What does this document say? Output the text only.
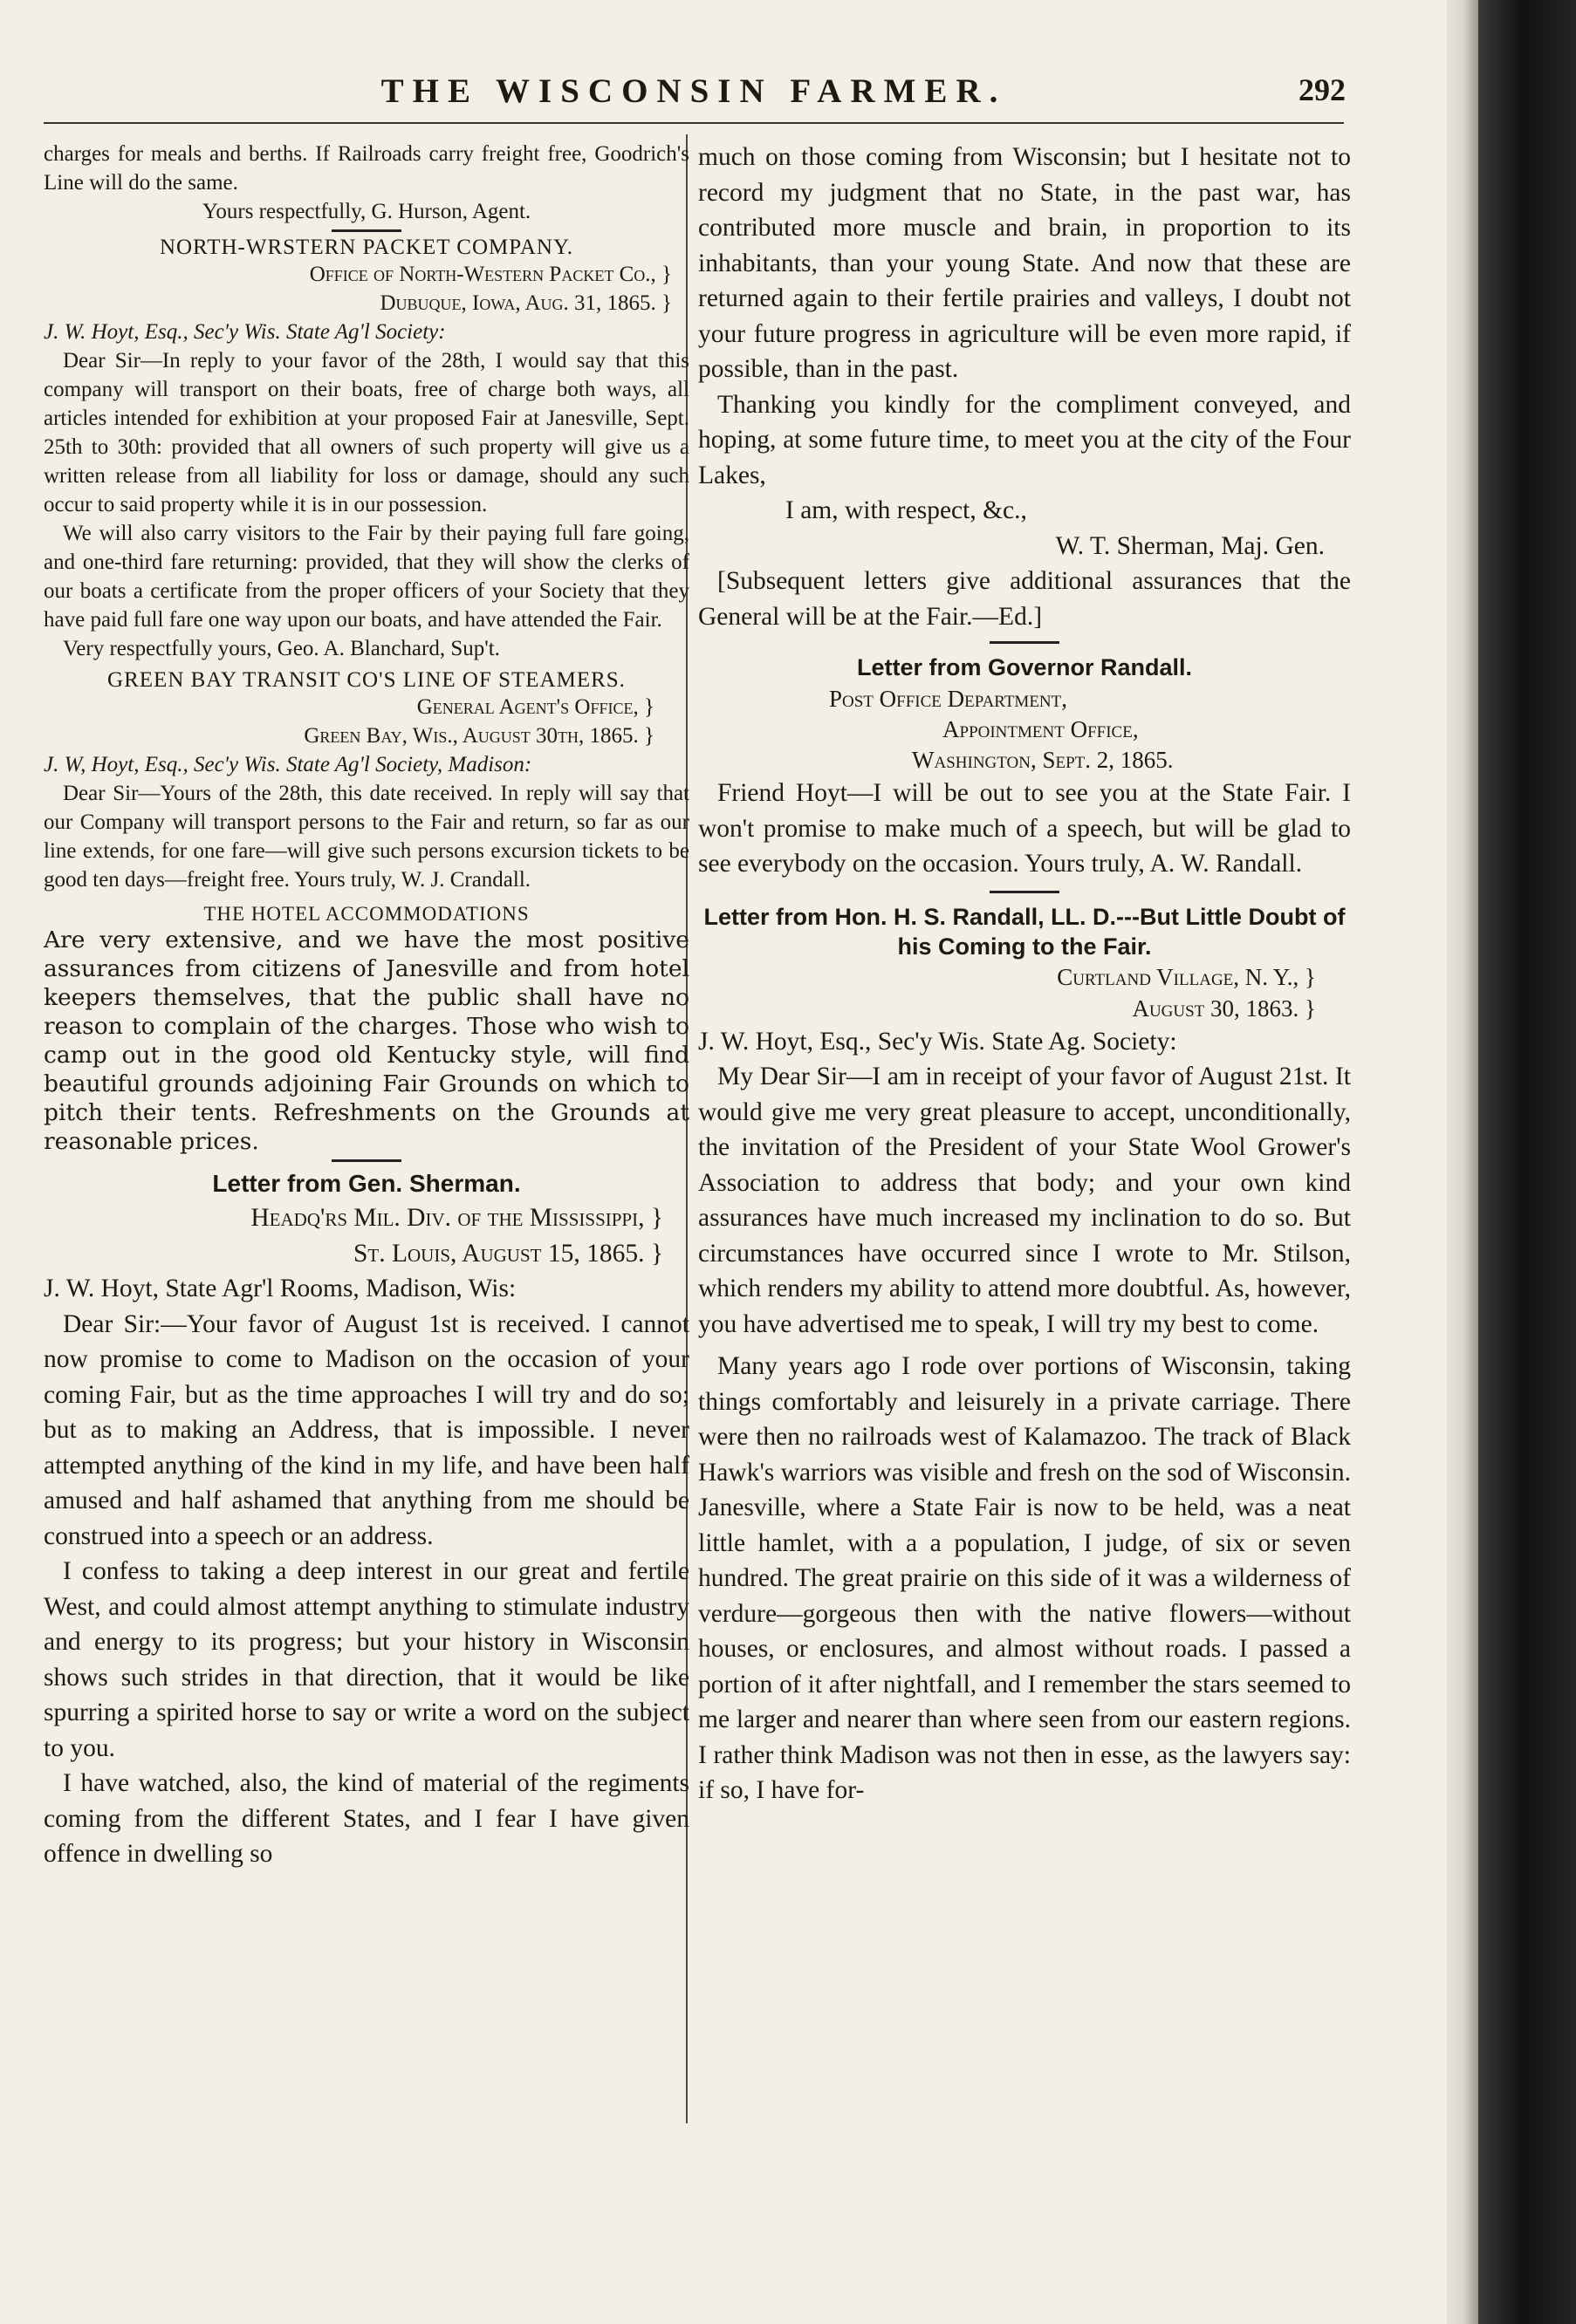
THE WISCONSIN FARMER.	292

charges for meals and berths. If Railroads carry freight free, Goodrich's Line will do the same.

Yours respectfully, G. Hurson, Agent.

NORTH-WRSTERN PACKET COMPANY.

Office of North-Western Packet Co., }

Dubuque, Iowa, Aug. 31, 1865. }

J. W. Hoyt, Esq., Sec'y Wis. State Ag'l Society:

Dear Sir—In reply to your favor of the 28th, I would say that this company will transport on their boats, free of charge both ways, all articles intended for exhibition at your proposed Fair at Janesville, Sept. 25th to 30th: provided that all owners of such property will give us a written release from all liability for loss or damage, should any such occur to said property while it is in our possession.

We will also carry visitors to the Fair by their paying full fare going, and one-third fare returning: provided, that they will show the clerks of our boats a certificate from the proper officers of your Society that they have paid full fare one way upon our boats, and have attended the Fair.

Very respectfully yours, Geo. A. Blanchard, Sup't.

GREEN BAY TRANSIT CO'S LINE OF STEAMERS.

General Agent's Office, }

Green Bay, Wis., August 30th, 1865. }

J. W, Hoyt, Esq., Sec'y Wis. State Ag'l Society, Madison:

Dear Sir—Yours of the 28th, this date received. In reply will say that our Company will transport persons to the Fair and return, so far as our line extends, for one fare—will give such persons excursion tickets to be good ten days—freight free. Yours truly, W. J. Crandall.

THE HOTEL ACCOMMODATIONS

Are very extensive, and we have the most positive assurances from citizens of Janesville and from hotel keepers themselves, that the public shall have no reason to complain of the charges. Those who wish to camp out in the good old Kentucky style, will find beautiful grounds adjoining Fair Grounds on which to pitch their tents. Refreshments on the Grounds at reasonable prices.

Letter from Gen. Sherman.

Headq'rs Mil. Div. of the Mississippi, }

St. Louis, August 15, 1865. }

J. W. Hoyt, State Agr'l Rooms, Madison, Wis:

Dear Sir:—Your favor of August 1st is received. I cannot now promise to come to Madison on the occasion of your coming Fair, but as the time approaches I will try and do so; but as to making an Address, that is impossible. I never attempted anything of the kind in my life, and have been half amused and half ashamed that anything from me should be construed into a speech or an address.

I confess to taking a deep interest in our great and fertile West, and could almost attempt anything to stimulate industry and energy to its progress; but your history in Wisconsin shows such strides in that direction, that it would be like spurring a spirited horse to say or write a word on the subject to you.

I have watched, also, the kind of material of the regiments coming from the different States, and I fear I have given offence in dwelling so

much on those coming from Wisconsin; but I hesitate not to record my judgment that no State, in the past war, has contributed more muscle and brain, in proportion to its inhabitants, than your young State. And now that these are returned again to their fertile prairies and valleys, I doubt not your future progress in agriculture will be even more rapid, if possible, than in the past.

Thanking you kindly for the compliment conveyed, and hoping, at some future time, to meet you at the city of the Four Lakes,

I am, with respect, &c.,

W. T. Sherman, Maj. Gen.

[Subsequent letters give additional assurances that the General will be at the Fair.—Ed.]

Letter from Governor Randall.

Post Office Department,

Appointment Office,

Washington, Sept. 2, 1865.

Friend Hoyt—I will be out to see you at the State Fair. I won't promise to make much of a speech, but will be glad to see everybody on the occasion. Yours truly, A. W. Randall.

Letter from Hon. H. S. Randall, LL. D.---But Little Doubt of his Coming to the Fair.

Curtland Village, N. Y., }

August 30, 1863. }

J. W. Hoyt, Esq., Sec'y Wis. State Ag. Society:

My Dear Sir—I am in receipt of your favor of August 21st. It would give me very great pleasure to accept, unconditionally, the invitation of the President of your State Wool Grower's Association to address that body; and your own kind assurances have much increased my inclination to do so. But circumstances have occurred since I wrote to Mr. Stilson, which renders my ability to attend more doubtful. As, however, you have advertised me to speak, I will try my best to come.

Many years ago I rode over portions of Wisconsin, taking things comfortably and leisurely in a private carriage. There were then no railroads west of Kalamazoo. The track of Black Hawk's warriors was visible and fresh on the sod of Wisconsin. Janesville, where a State Fair is now to be held, was a neat little hamlet, with a a population, I judge, of six or seven hundred. The great prairie on this side of it was a wilderness of verdure—gorgeous then with the native flowers—without houses, or enclosures, and almost without roads. I passed a portion of it after nightfall, and I remember the stars seemed to me larger and nearer than where seen from our eastern regions. I rather think Madison was not then in esse, as the lawyers say: if so, I have for-
